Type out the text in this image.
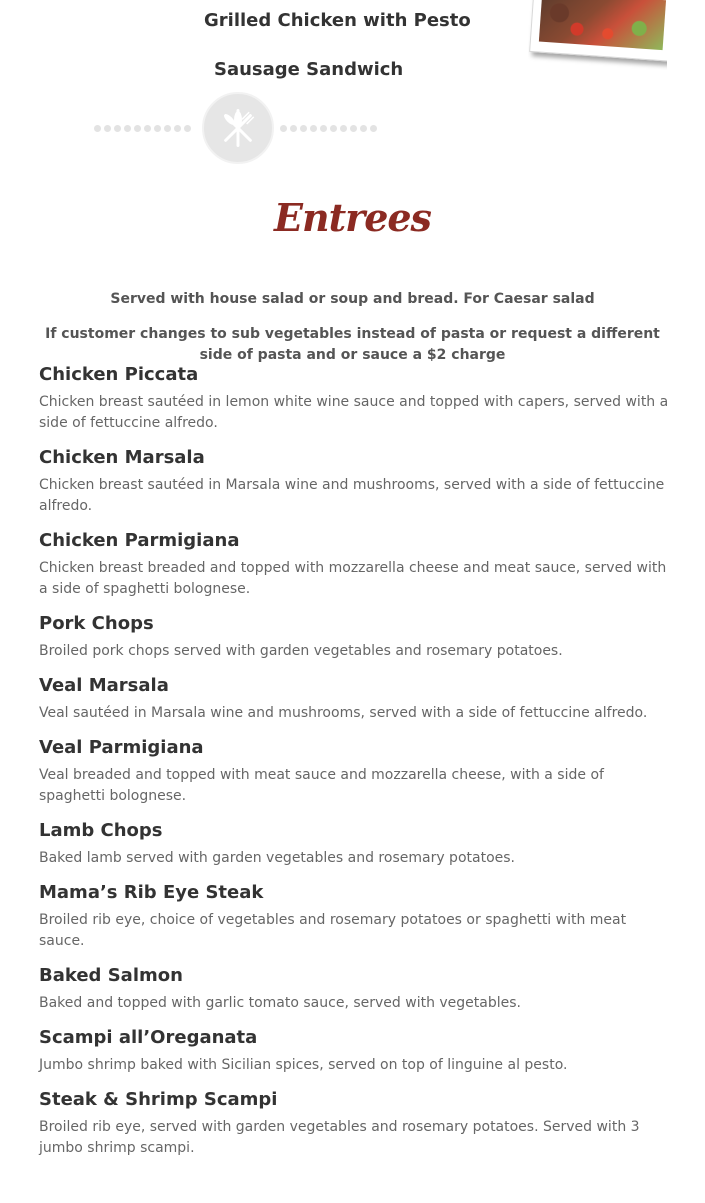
Grilled Chicken with Pesto
Sausage Sandwich
Entrees
Served with house salad or soup and bread. For Caesar salad
If customer changes to sub vegetables instead of pasta or request a different side of pasta and or sauce a $2 charge
Chicken Piccata

Chicken breast sautéed in lemon white wine sauce and topped with capers, served with a side of fettuccine alfredo.

Chicken Marsala

Chicken breast sautéed in Marsala wine and mushrooms, served with a side of fettuccine alfredo.

Chicken Parmigiana

Chicken breast breaded and topped with mozzarella cheese and meat sauce, served with a side of spaghetti bolognese.

Pork Chops

Broiled pork chops served with garden vegetables and rosemary potatoes.

Veal Marsala

Veal sautéed in Marsala wine and mushrooms, served with a side of fettuccine alfredo.

Veal Parmigiana

Veal breaded and topped with meat sauce and mozzarella cheese, with a side of spaghetti bolognese.

Lamb Chops

Baked lamb served with garden vegetables and rosemary potatoes.

Mama’s Rib Eye Steak

Broiled rib eye, choice of vegetables and rosemary potatoes or spaghetti with meat sauce.

Baked Salmon

Baked and topped with garlic tomato sauce, served with vegetables.

Scampi all’Oreganata

Jumbo shrimp baked with Sicilian spices, served on top of linguine al pesto.

Steak & Shrimp Scampi

Broiled rib eye, served with garden vegetables and rosemary potatoes. Served with 3 jumbo shrimp scampi.
